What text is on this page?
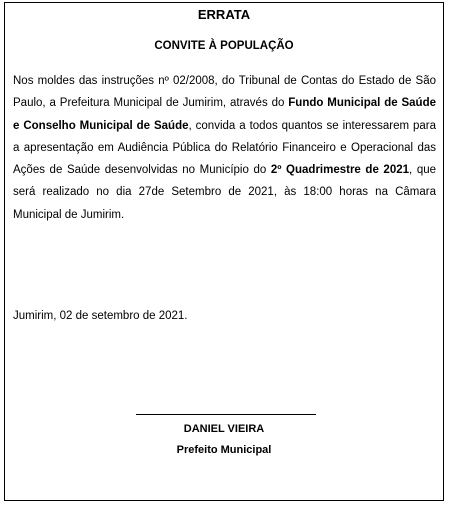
ERRATA
CONVITE À POPULAÇÃO
Nos moldes das instruções nº 02/2008, do Tribunal de Contas do Estado de São Paulo, a Prefeitura Municipal de Jumirim, através do Fundo Municipal de Saúde e Conselho Municipal de Saúde, convida a todos quantos se interessarem para a apresentação em Audiência Pública do Relatório Financeiro e Operacional das Ações de Saúde desenvolvidas no Município do 2º Quadrimestre de 2021, que será realizado no dia 27de Setembro de 2021, às 18:00 horas na Câmara Municipal de Jumirim.
Jumirim, 02 de setembro de 2021.
DANIEL VIEIRA
Prefeito Municipal
